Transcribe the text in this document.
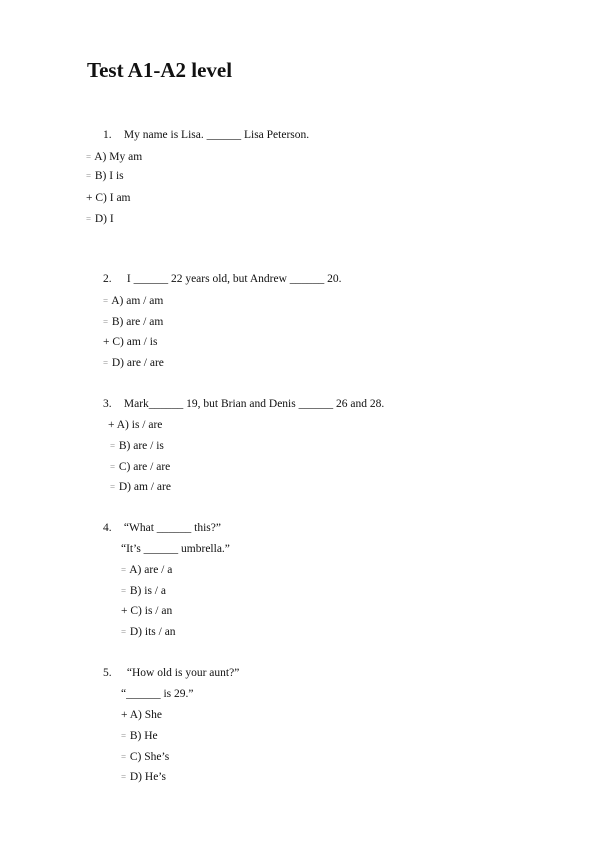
Test A1-A2 level
1. My name is Lisa. ______ Lisa Peterson.
= A) My am
= B) I is
+ C) I am
= D) I
2. I ______ 22 years old, but Andrew ______ 20.
= A) am / am
= B) are / am
+ C) am / is
= D) are / are
3. Mark______ 19, but Brian and Denis ______ 26 and 28.
+ A) is / are
= B) are / is
= C) are / are
= D) am / are
4. “What ______ this?”
“It’s ______ umbrella.”
= A) are / a
= B) is / a
+ C) is / an
= D) its / an
5. “How old is your aunt?”
“______ is 29.”
+ A) She
= B) He
= C) She’s
= D) He’s
